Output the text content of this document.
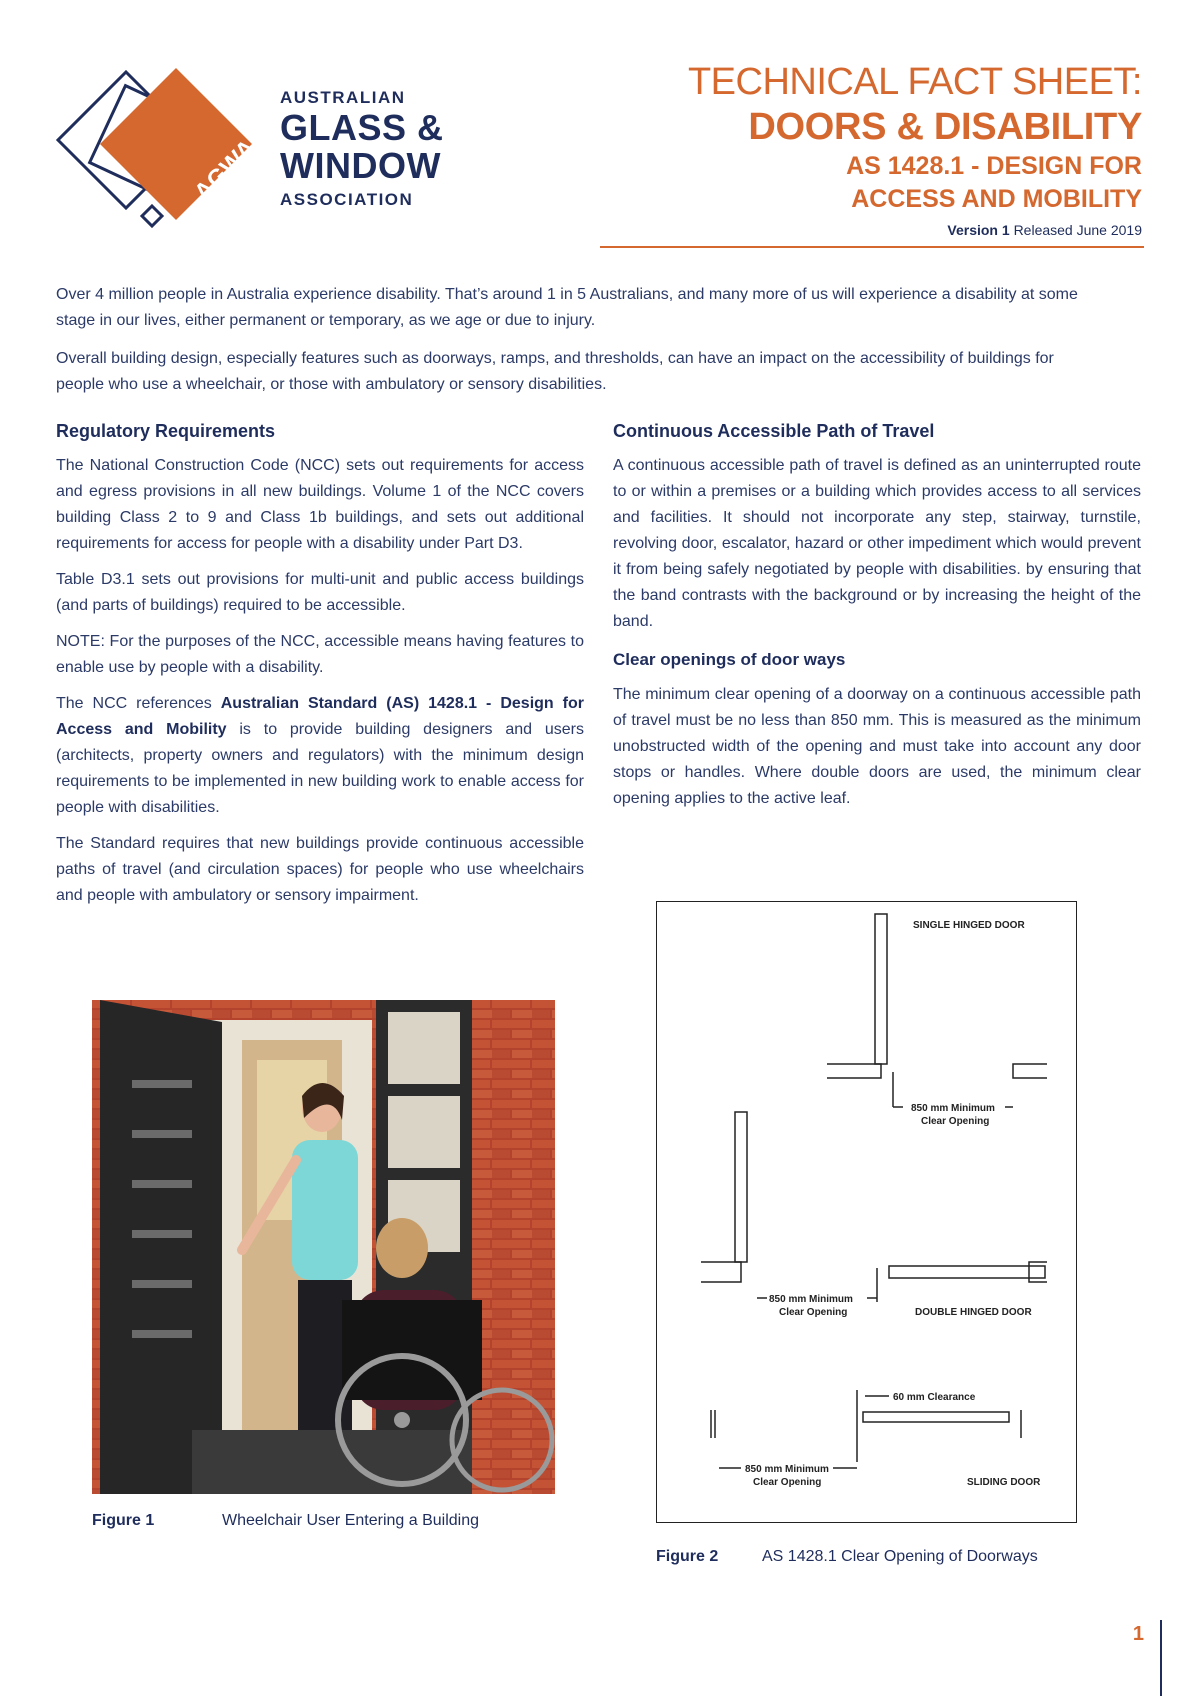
AGWA
AUSTRALIAN
GLASS &
WINDOW
ASSOCIATION
TECHNICAL FACT SHEET:
DOORS & DISABILITY
AS 1428.1 - DESIGN FOR
ACCESS AND MOBILITY
Version 1 Released June 2019

Over 4 million people in Australia experience disability. That’s around 1 in 5 Australians, and many more of us will experience a disability at some stage in our lives, either permanent or temporary, as we age or due to injury.

Overall building design, especially features such as doorways, ramps, and thresholds, can have an impact on the accessibility of buildings for people who use a wheelchair, or those with ambulatory or sensory disabilities.

Regulatory Requirements

The National Construction Code (NCC) sets out requirements for access and egress provisions in all new buildings. Volume 1 of the NCC covers building Class 2 to 9 and Class 1b buildings, and sets out additional requirements for access for people with a disability under Part D3.

Table D3.1 sets out provisions for multi-unit and public access buildings (and parts of buildings) required to be accessible.

NOTE: For the purposes of the NCC, accessible means having features to enable use by people with a disability.

The NCC references Australian Standard (AS) 1428.1 - Design for Access and Mobility is to provide building designers and users (architects, property owners and regulators) with the minimum design requirements to be implemented in new building work to enable access for people with disabilities.

The Standard requires that new buildings provide continuous accessible paths of travel (and circulation spaces) for people who use wheelchairs and people with ambulatory or sensory impairment.

Continuous Accessible Path of Travel

A continuous accessible path of travel is defined as an uninterrupted route to or within a premises or a building which provides access to all services and facilities. It should not incorporate any step, stairway, turnstile, revolving door, escalator, hazard or other impediment which would prevent it from being safely negotiated by people with disabilities. by ensuring that the band contrasts with the background or by increasing the height of the band.

Clear openings of door ways

The minimum clear opening of a doorway on a continuous accessible path of travel must be no less than 850 mm. This is measured as the minimum unobstructed width of the opening and must take into account any door stops or handles. Where double doors are used, the minimum clear opening applies to the active leaf.

Figure 1	Wheelchair User Entering a Building
SINGLE HINGED DOOR
850 mm Minimum
Clear Opening
850 mm Minimum
Clear Opening	DOUBLE HINGED DOOR
60 mm Clearance
850 mm Minimum
Clear Opening	SLIDING DOOR
Figure 2	AS 1428.1 Clear Opening of Doorways
1
